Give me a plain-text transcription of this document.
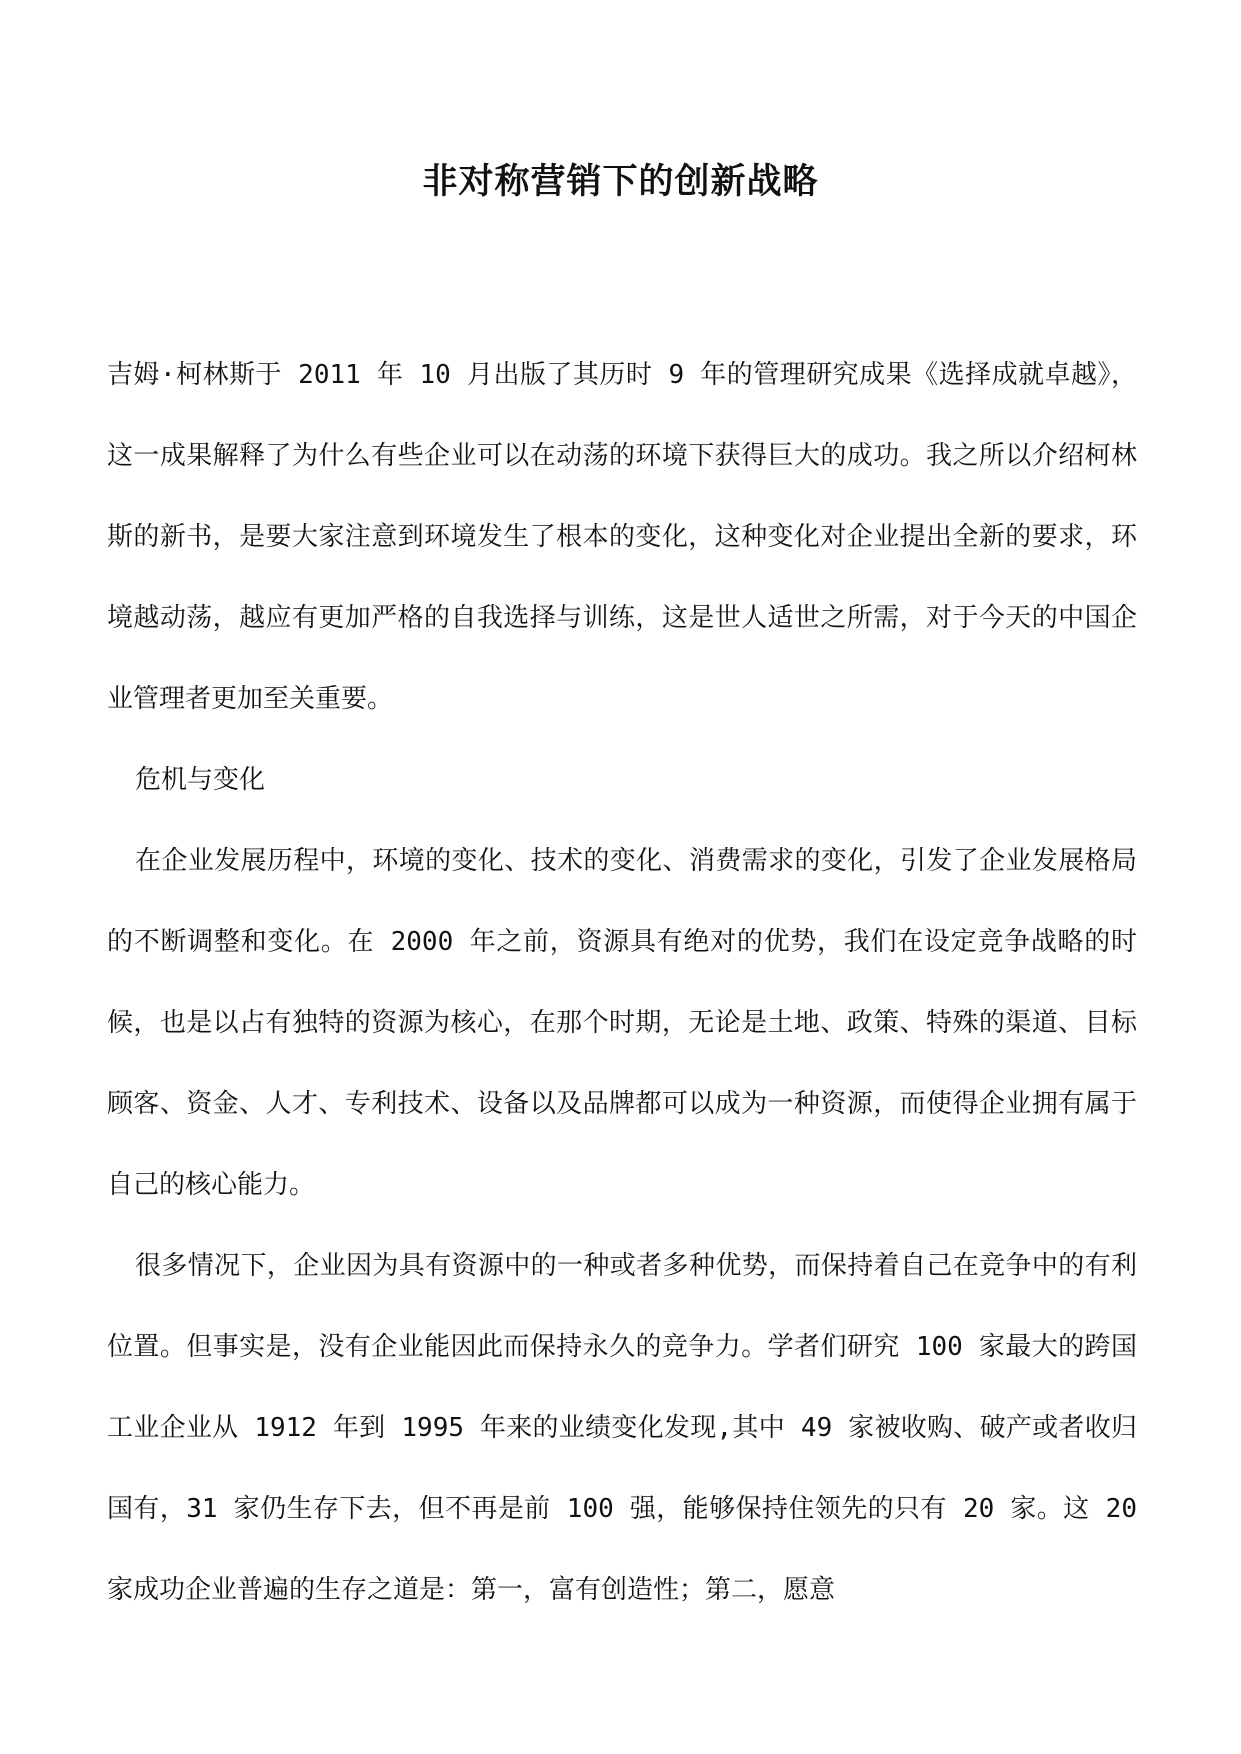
非对称营销下的创新战略

吉姆·柯林斯于 2011 年 10 月出版了其历时 9 年的管理研究成果《选择成就卓越》，这一成果解释了为什么有些企业可以在动荡的环境下获得巨大的成功。我之所以介绍柯林斯的新书，是要大家注意到环境发生了根本的变化，这种变化对企业提出全新的要求，环境越动荡，越应有更加严格的自我选择与训练，这是世人适世之所需，对于今天的中国企业管理者更加至关重要。

危机与变化

在企业发展历程中，环境的变化、技术的变化、消费需求的变化，引发了企业发展格局的不断调整和变化。在 2000 年之前，资源具有绝对的优势，我们在设定竞争战略的时候，也是以占有独特的资源为核心，在那个时期，无论是土地、政策、特殊的渠道、目标顾客、资金、人才、专利技术、设备以及品牌都可以成为一种资源，而使得企业拥有属于自己的核心能力。

很多情况下，企业因为具有资源中的一种或者多种优势，而保持着自己在竞争中的有利位置。但事实是，没有企业能因此而保持永久的竞争力。学者们研究 100 家最大的跨国工业企业从 1912 年到 1995 年来的业绩变化发现,其中 49 家被收购、破产或者收归国有，31 家仍生存下去，但不再是前 100 强，能够保持住领先的只有 20 家。这 20 家成功企业普遍的生存之道是：第一，富有创造性；第二，愿意
